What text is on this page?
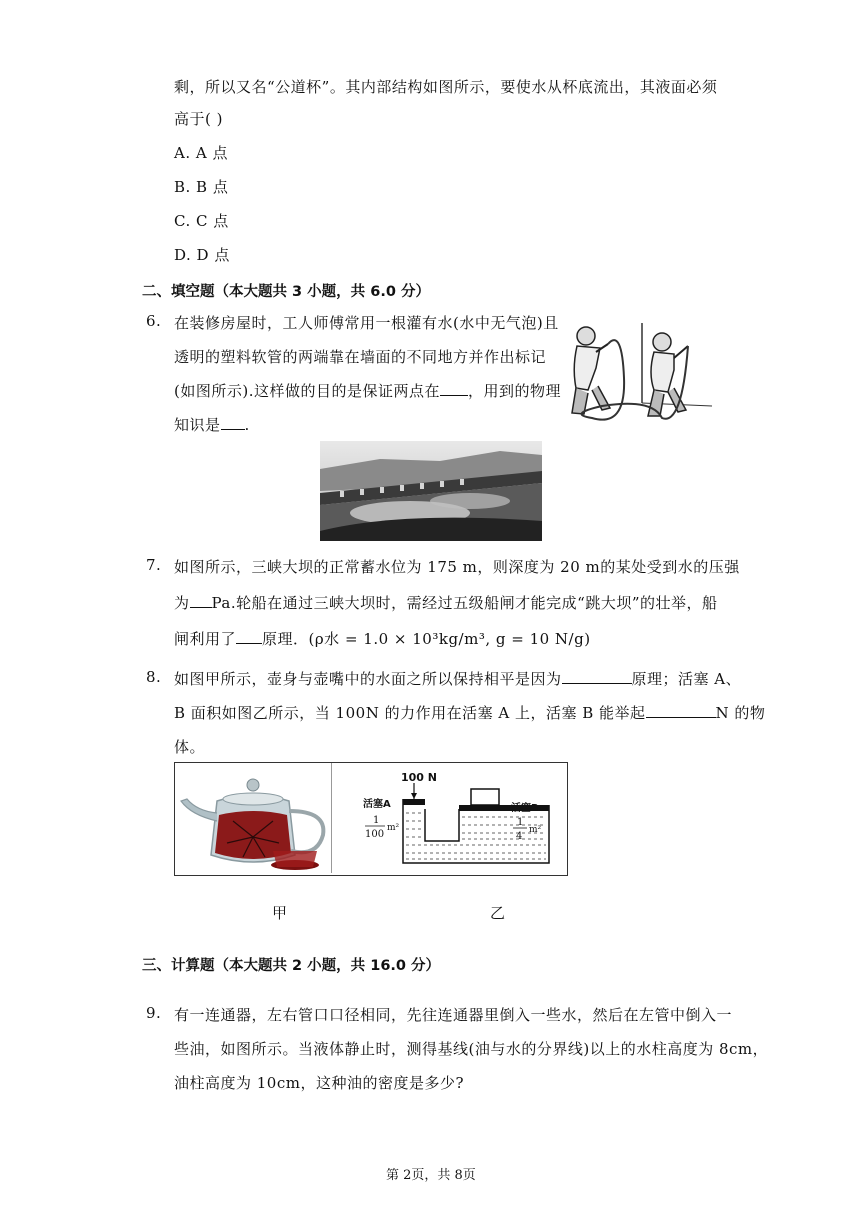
剩，所以又名“公道杯”。其内部结构如图所示，要使水从杯底流出，其液面必须
高于( )
A. A 点
B. B 点
C. C 点
D. D 点
二、填空题（本大题共 3 小题，共 6.0 分）
6. 在装修房屋时，工人师傅常用一根灌有水(水中无气泡)且
透明的塑料软管的两端靠在墙面的不同地方并作出标记
(如图所示).这样做的目的是保证两点在 ，用到的物理
知识是 .
7. 如图所示，三峡大坝的正常蓄水位为 175 m，则深度为 20 m的某处受到水的压强
为 Pa.轮船在通过三峡大坝时，需经过五级船闸才能完成“跳大坝”的壮举，船
闸利用了 原理．(ρ水 = 1.0 × 10³kg/m³, g = 10 N/g)
8. 如图甲所示，壶身与壶嘴中的水面之所以保持相平是因为	原理；活塞 A、
B 面积如图乙所示，当 100N 的力作用在活塞 A 上，活塞 B 能举起	N 的物
体。
100 N
活塞A
1
100
m²
活塞B
1
4
m²
甲	乙
三、计算题（本大题共 2 小题，共 16.0 分）
9. 有一连通器，左右管口口径相同，先往连通器里倒入一些水，然后在左管中倒入一
些油，如图所示。当液体静止时，测得基线(油与水的分界线)以上的水柱高度为 8cm，
油柱高度为 10cm，这种油的密度是多少?
第 2页，共 8页
